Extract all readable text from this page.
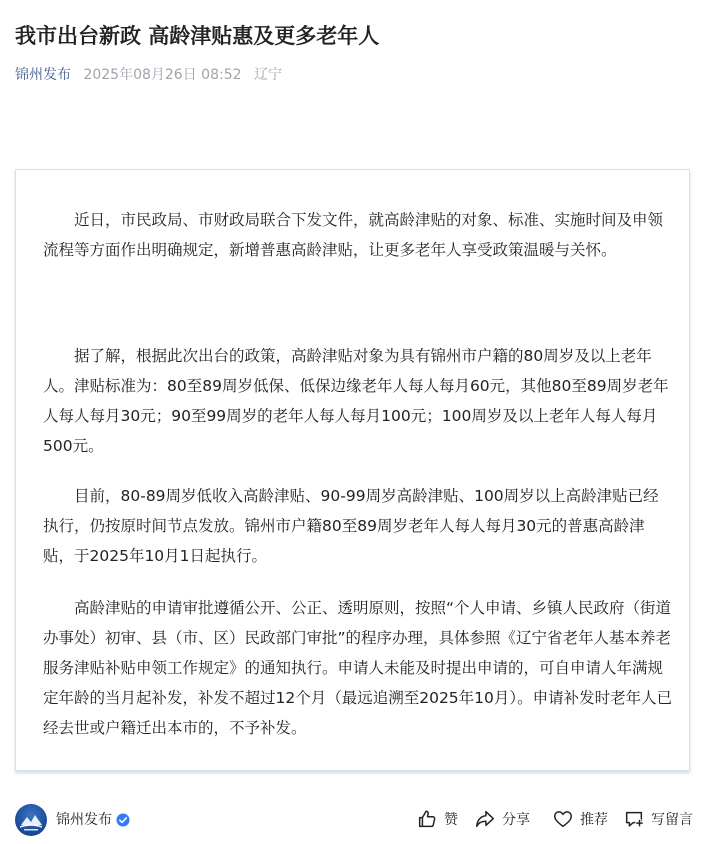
我市出台新政 高龄津贴惠及更多老年人
锦州发布 2025年08月26日 08:52 辽宁

近日，市民政局、市财政局联合下发文件，就高龄津贴的对象、标准、实施时间及申领流程等方面作出明确规定，新增普惠高龄津贴，让更多老年人享受政策温暖与关怀。

据了解，根据此次出台的政策，高龄津贴对象为具有锦州市户籍的80周岁及以上老年人。津贴标准为：80至89周岁低保、低保边缘老年人每人每月60元，其他80至89周岁老年人每人每月30元；90至99周岁的老年人每人每月100元；100周岁及以上老年人每人每月500元。

目前，80-89周岁低收入高龄津贴、90-99周岁高龄津贴、100周岁以上高龄津贴已经执行，仍按原时间节点发放。锦州市户籍80至89周岁老年人每人每月30元的普惠高龄津贴，于2025年10月1日起执行。

高龄津贴的申请审批遵循公开、公正、透明原则，按照“个人申请、乡镇人民政府（街道办事处）初审、县（市、区）民政部门审批”的程序办理，具体参照《辽宁省老年人基本养老服务津贴补贴申领工作规定》的通知执行。申请人未能及时提出申请的，可自申请人年满规定年龄的当月起补发，补发不超过12个月（最远追溯至2025年10月）。申请补发时老年人已经去世或户籍迁出本市的，不予补发。

锦州发布	赞	分享	推荐	写留言
